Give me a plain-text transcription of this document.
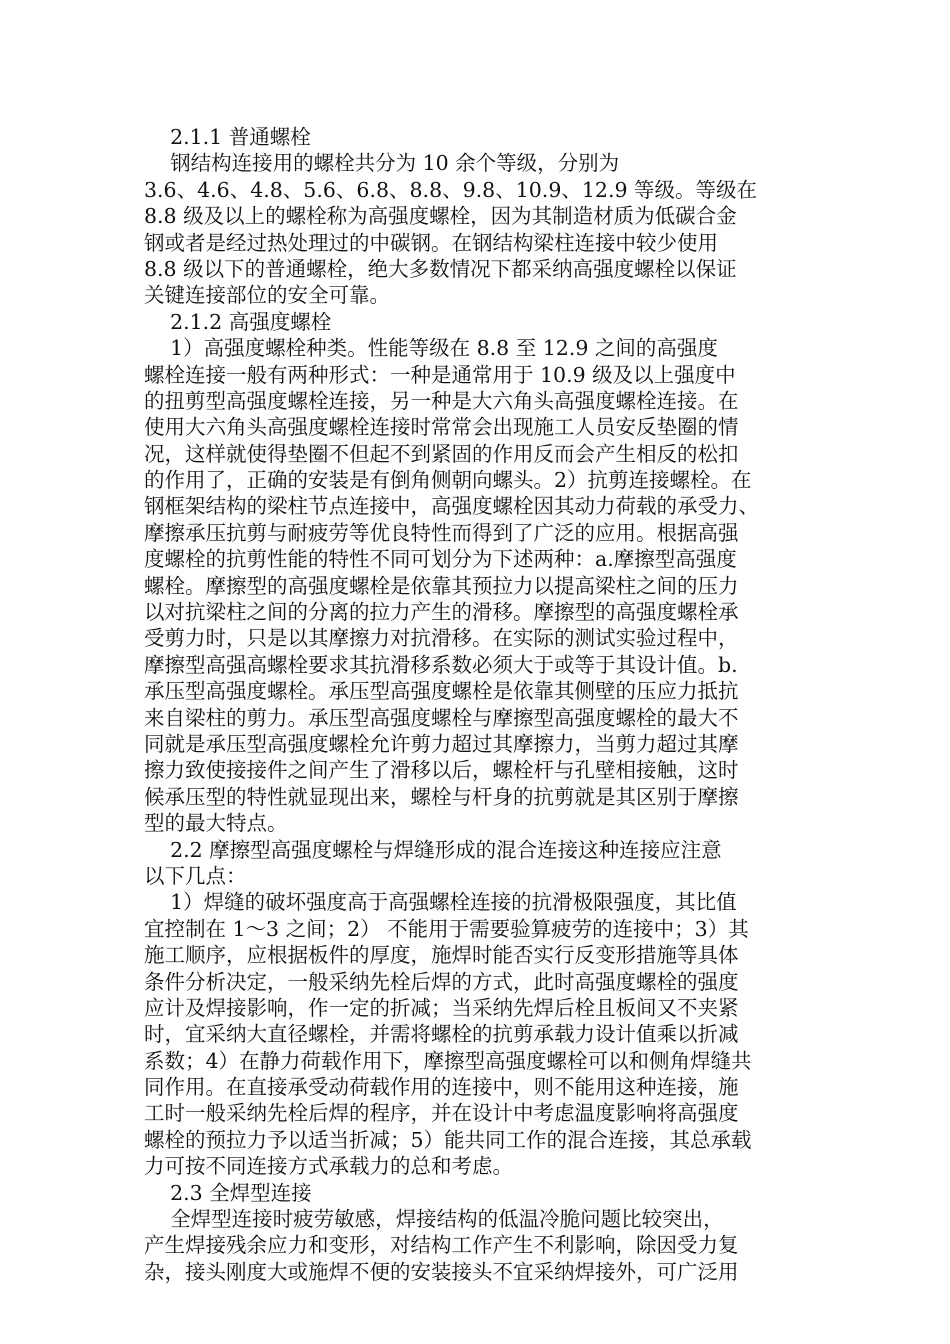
2.1.1 普通螺栓
钢结构连接用的螺栓共分为 10 余个等级，分别为
3.6、4.6、4.8、5.6、6.8、8.8、9.8、10.9、12.9 等级。等级在
8.8 级及以上的螺栓称为高强度螺栓，因为其制造材质为低碳合金
钢或者是经过热处理过的中碳钢。在钢结构梁柱连接中较少使用
8.8 级以下的普通螺栓，绝大多数情况下都采纳高强度螺栓以保证
关键连接部位的安全可靠。
2.1.2 高强度螺栓
1）高强度螺栓种类。性能等级在 8.8 至 12.9 之间的高强度
螺栓连接一般有两种形式：一种是通常用于 10.9 级及以上强度中
的扭剪型高强度螺栓连接，另一种是大六角头高强度螺栓连接。在
使用大六角头高强度螺栓连接时常常会出现施工人员安反垫圈的情
况，这样就使得垫圈不但起不到紧固的作用反而会产生相反的松扣
的作用了，正确的安装是有倒角侧朝向螺头。2）抗剪连接螺栓。在
钢框架结构的梁柱节点连接中，高强度螺栓因其动力荷载的承受力、
摩擦承压抗剪与耐疲劳等优良特性而得到了广泛的应用。根据高强
度螺栓的抗剪性能的特性不同可划分为下述两种：a.摩擦型高强度
螺栓。摩擦型的高强度螺栓是依靠其预拉力以提高梁柱之间的压力
以对抗梁柱之间的分离的拉力产生的滑移。摩擦型的高强度螺栓承
受剪力时，只是以其摩擦力对抗滑移。在实际的测试实验过程中，
摩擦型高强高螺栓要求其抗滑移系数必须大于或等于其设计值。b.
承压型高强度螺栓。承压型高强度螺栓是依靠其侧壁的压应力抵抗
来自梁柱的剪力。承压型高强度螺栓与摩擦型高强度螺栓的最大不
同就是承压型高强度螺栓允许剪力超过其摩擦力，当剪力超过其摩
擦力致使接接件之间产生了滑移以后，螺栓杆与孔壁相接触，这时
候承压型的特性就显现出来，螺栓与杆身的抗剪就是其区别于摩擦
型的最大特点。
2.2 摩擦型高强度螺栓与焊缝形成的混合连接这种连接应注意
以下几点：
1）焊缝的破坏强度高于高强螺栓连接的抗滑极限强度，其比值
宜控制在 1～3 之间；2） 不能用于需要验算疲劳的连接中；3）其
施工顺序，应根据板件的厚度，施焊时能否实行反变形措施等具体
条件分析决定，一般采纳先栓后焊的方式，此时高强度螺栓的强度
应计及焊接影响，作一定的折减；当采纳先焊后栓且板间又不夹紧
时，宜采纳大直径螺栓，并需将螺栓的抗剪承载力设计值乘以折减
系数；4）在静力荷载作用下，摩擦型高强度螺栓可以和侧角焊缝共
同作用。在直接承受动荷载作用的连接中，则不能用这种连接，施
工时一般采纳先栓后焊的程序，并在设计中考虑温度影响将高强度
螺栓的预拉力予以适当折减；5）能共同工作的混合连接，其总承载
力可按不同连接方式承载力的总和考虑。
2.3 全焊型连接
全焊型连接时疲劳敏感，焊接结构的低温冷脆问题比较突出，
产生焊接残余应力和变形，对结构工作产生不利影响，除因受力复
杂，接头刚度大或施焊不便的安装接头不宜采纳焊接外，可广泛用
